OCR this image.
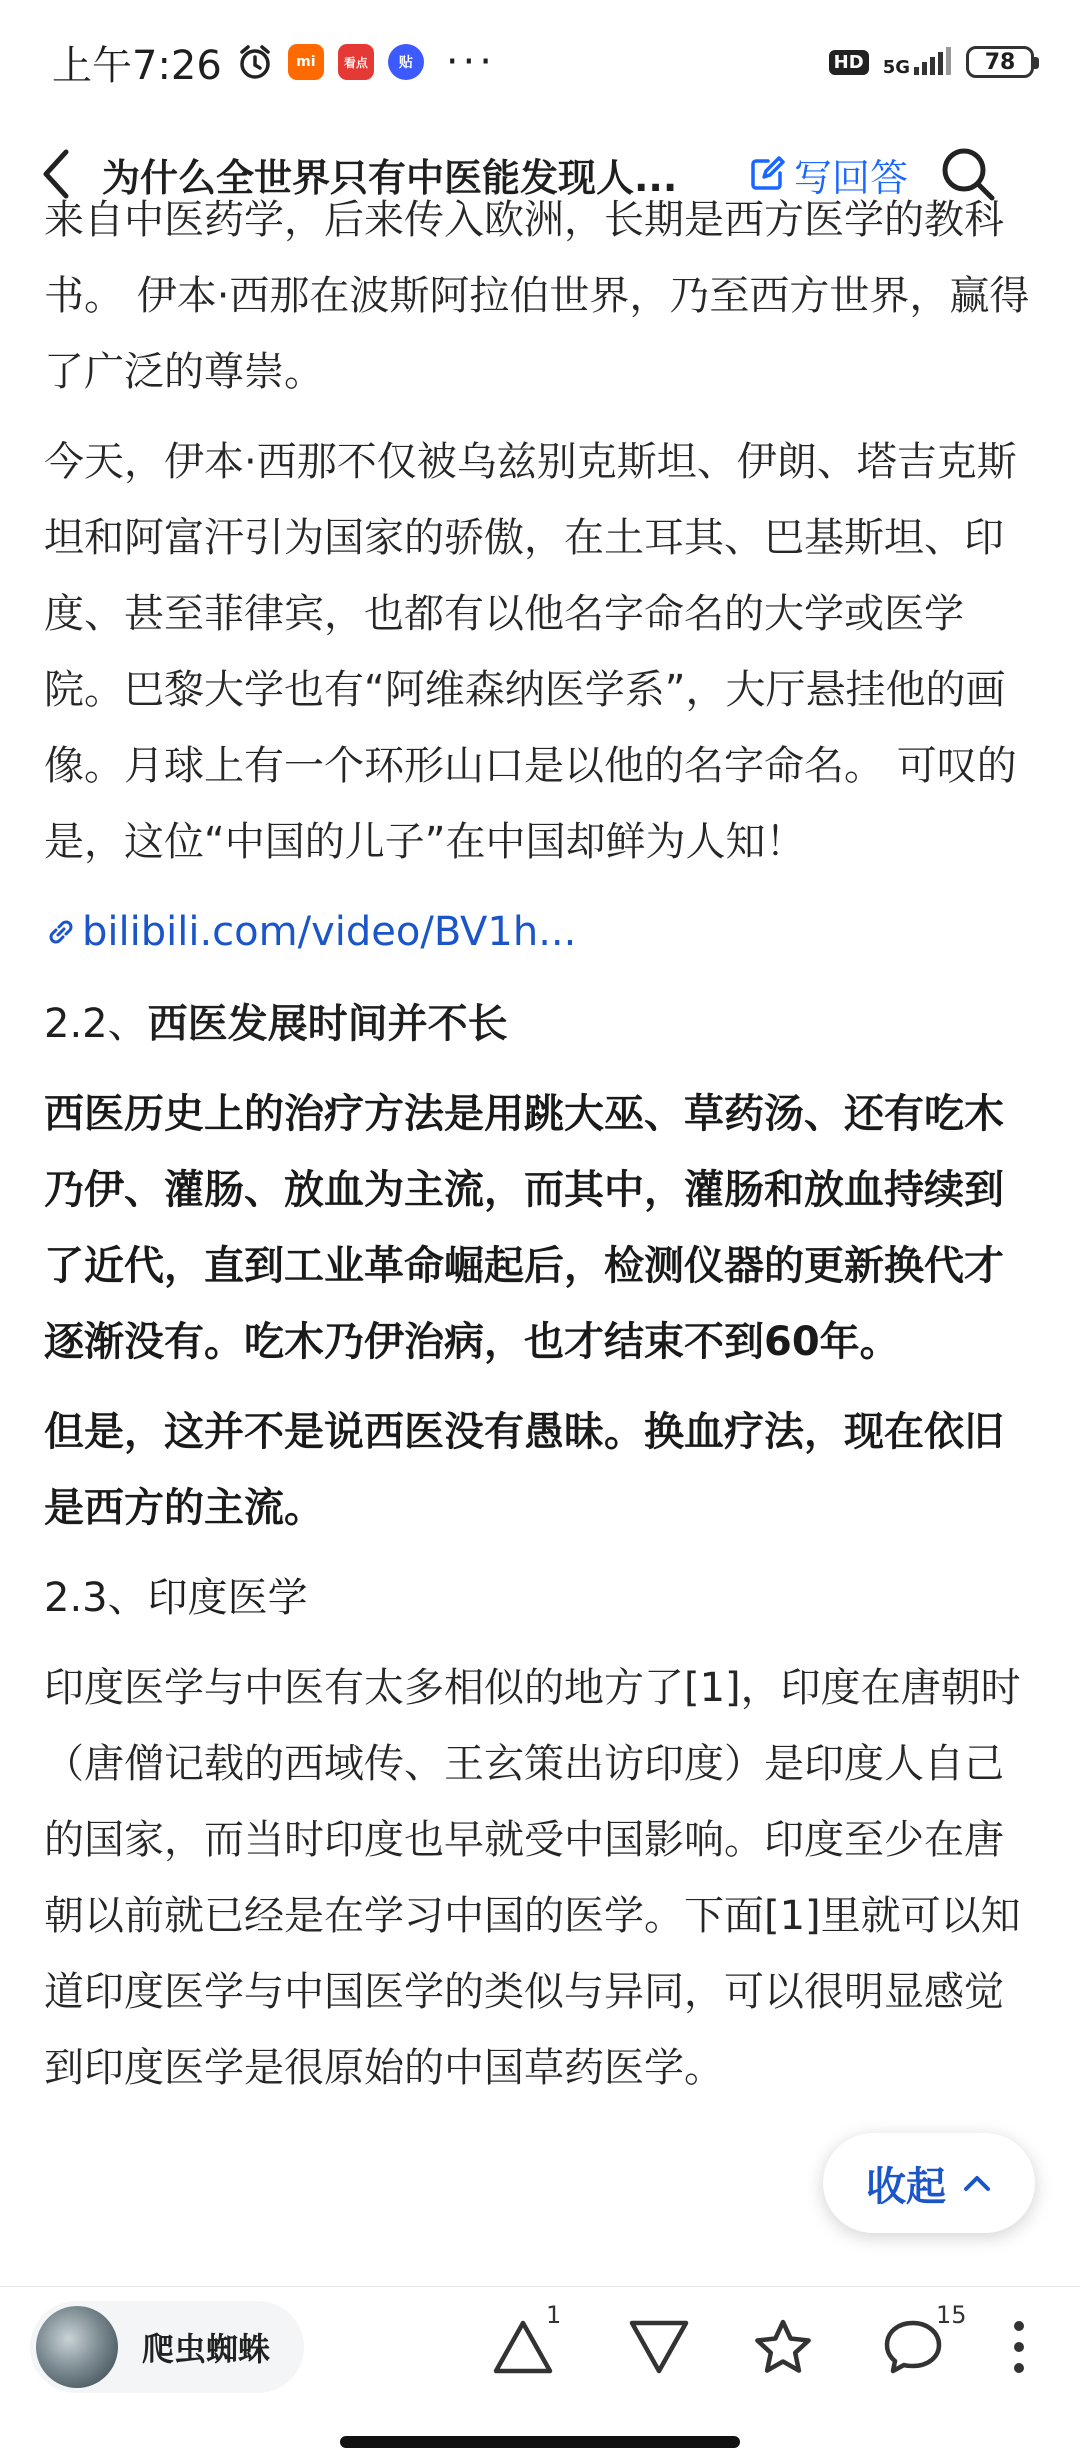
上午7:26	mi	看点	贴 ···	HD 5G	78
为什么全世界只有中医能发现人...	写回答

来自中医药学，后来传入欧洲，长期是西方医学的教科书。 伊本·西那在波斯阿拉伯世界，乃至西方世界，赢得了广泛的尊崇。

今天，伊本·西那不仅被乌兹别克斯坦、伊朗、塔吉克斯坦和阿富汗引为国家的骄傲，在土耳其、巴基斯坦、印度、甚至菲律宾，也都有以他名字命名的大学或医学院。巴黎大学也有“阿维森纳医学系”，大厅悬挂他的画像。月球上有一个环形山口是以他的名字命名。 可叹的是，这位“中国的儿子”在中国却鲜为人知！

bilibili.com/video/BV1h...

2.2、西医发展时间并不长

西医历史上的治疗方法是用跳大巫、草药汤、还有吃木乃伊、灌肠、放血为主流，而其中，灌肠和放血持续到了近代，直到工业革命崛起后，检测仪器的更新换代才逐渐没有。吃木乃伊治病，也才结束不到60年。

但是，这并不是说西医没有愚昧。换血疗法，现在依旧是西方的主流。

2.3、印度医学

印度医学与中医有太多相似的地方了[1]，印度在唐朝时（唐僧记载的西域传、王玄策出访印度）是印度人自己的国家，而当时印度也早就受中国影响。印度至少在唐朝以前就已经是在学习中国的医学。下面[1]里就可以知道印度医学与中国医学的类似与异同，可以很明显感觉到印度医学是很原始的中国草药医学。

收起
爬虫蜘蛛
1	15
